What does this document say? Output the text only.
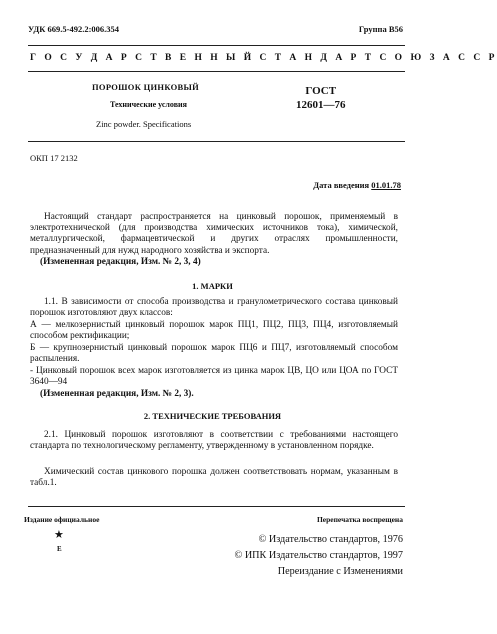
УДК 669.5-492.2:006.354	Группа В56
Г О С У Д А Р С Т В Е Н Н Ы Й С Т А Н Д А Р Т С О Ю З А С С Р
ПОРОШОК ЦИНКОВЫЙ
Технические условия
Zinc powder. Specifications
ГОСТ
12601—76
ОКП 17 2132
Дата введения 01.01.78
Настоящий стандарт распространяется на цинковый порошок, применяемый в электротехнической (для производства химических источников тока), химической, металлургической, фармацевтической и других отраслях промышленности, предназначенный для нужд народного хозяйства и экспорта.
(Измененная редакция, Изм. № 2, 3, 4)
1. МАРКИ
1.1. В зависимости от способа производства и гранулометрического состава цинковый порошок изготовляют двух классов:
А — мелкозернистый цинковый порошок марок ПЦ1, ПЦ2, ПЦ3, ПЦ4, изготовляемый способом ректификации;
Б — крупнозернистый цинковый порошок марок ПЦ6 и ПЦ7, изготовляемый способом распыления.
- Цинковый порошок всех марок изготовляется из цинка марок ЦВ, ЦО или ЦОА по ГОСТ 3640—94
(Измененная редакция, Изм. № 2, 3).
2. ТЕХНИЧЕСКИЕ ТРЕБОВАНИЯ
2.1. Цинковый порошок изготовляют в соответствии с требованиями настоящего стандарта по технологическому регламенту, утвержденному в установленном порядке.
Химический состав цинкового порошка должен соответствовать нормам, указанным в табл.1.
Издание официальное	Перепечатка воспрещена
★
Е
© Издательство стандартов, 1976
© ИПК Издательство стандартов, 1997
Переиздание с Изменениями
